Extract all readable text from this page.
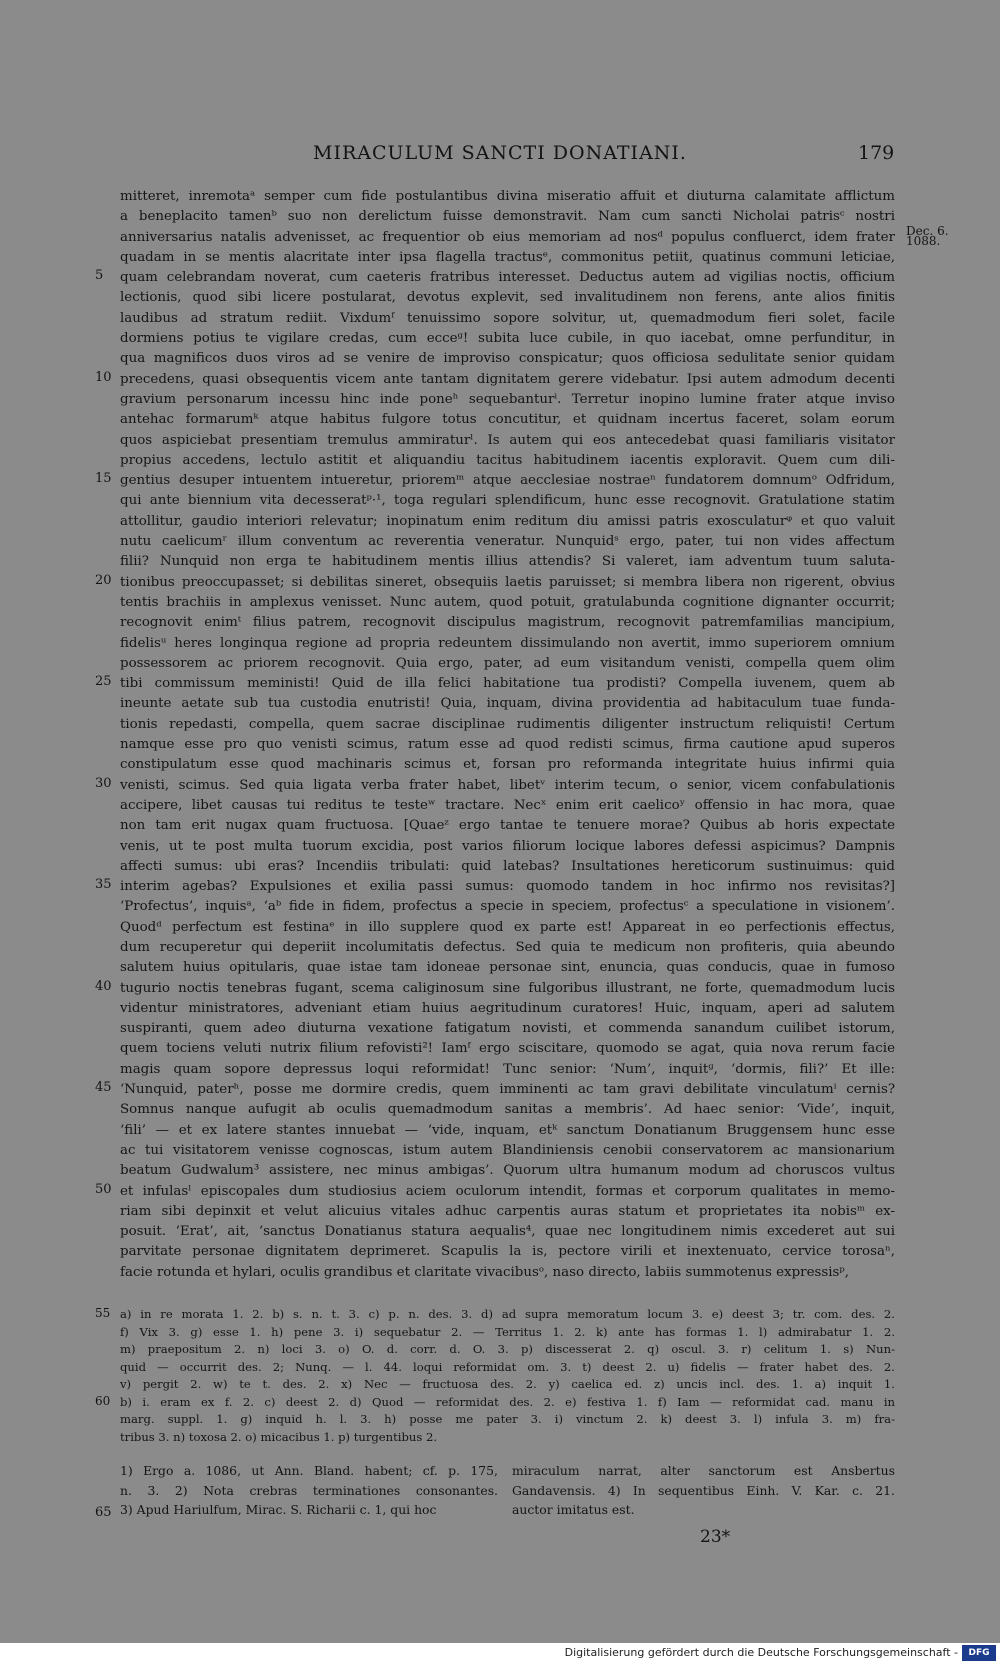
MIRACULUM SANCTI DONATIANI.	179
1088.
Dec. 6.
mitteret, inremotaᵃ semper cum fide postulantibus divina miseratio affuit et diuturna calamitate afflictum
a beneplacito tamenᵇ suo non derelictum fuisse demonstravit. Nam cum sancti Nicholai patrisᶜ nostri
anniversarius natalis advenisset, ac frequentior ob eius memoriam ad nosᵈ populus confluerct, idem frater
quadam in se mentis alacritate inter ipsa flagella tractusᵉ, commonitus petiit, quatinus communi leticiae,
quam celebrandam noverat, cum caeteris fratribus interesset. Deductus autem ad vigilias noctis, officium
lectionis, quod sibi licere postularat, devotus explevit, sed invalitudinem non ferens, ante alios finitis
laudibus ad stratum rediit. Vixdumᶠ tenuissimo sopore solvitur, ut, quemadmodum fieri solet, facile
dormiens potius te vigilare credas, cum ecceᵍ! subita luce cubile, in quo iacebat, omne perfunditur, in
qua magnificos duos viros ad se venire de improviso conspicatur; quos officiosa sedulitate senior quidam
precedens, quasi obsequentis vicem ante tantam dignitatem gerere videbatur. Ipsi autem admodum decenti
gravium personarum incessu hinc inde poneʰ sequebanturⁱ. Terretur inopino lumine frater atque inviso
antehac formarumᵏ atque habitus fulgore totus concutitur, et quidnam incertus faceret, solam eorum
quos aspiciebat presentiam tremulus ammiraturˡ. Is autem qui eos antecedebat quasi familiaris visitator
propius accedens, lectulo astitit et aliquandiu tacitus habitudinem iacentis exploravit. Quem cum dili-
gentius desuper intuentem intueretur, prioremᵐ atque aecclesiae nostraeⁿ fundatorem domnumᵒ Odfridum,
qui ante biennium vita decesseratᵖ·¹, toga regulari splendificum, hunc esse recognovit. Gratulatione statim
attollitur, gaudio interiori relevatur; inopinatum enim reditum diu amissi patris exosculaturᵠ et quo valuit
nutu caelicumʳ illum conventum ac reverentia veneratur. Nunquidˢ ergo, pater, tui non vides affectum
filii? Nunquid non erga te habitudinem mentis illius attendis? Si valeret, iam adventum tuum saluta-
tionibus preoccupasset; si debilitas sineret, obsequiis laetis paruisset; si membra libera non rigerent, obvius
tentis brachiis in amplexus venisset. Nunc autem, quod potuit, gratulabunda cognitione dignanter occurrit;
recognovit enimᵗ filius patrem, recognovit discipulus magistrum, recognovit patremfamilias mancipium,
fidelisᵘ heres longinqua regione ad propria redeuntem dissimulando non avertit, immo superiorem omnium
possessorem ac priorem recognovit. Quia ergo, pater, ad eum visitandum venisti, compella quem olim
tibi commissum meministi! Quid de illa felici habitatione tua prodisti? Compella iuvenem, quem ab
ineunte aetate sub tua custodia enutristi! Quia, inquam, divina providentia ad habitaculum tuae funda-
tionis repedasti, compella, quem sacrae disciplinae rudimentis diligenter instructum reliquisti! Certum
namque esse pro quo venisti scimus, ratum esse ad quod redisti scimus, firma cautione apud superos
constipulatum esse quod machinaris scimus et, forsan pro reformanda integritate huius infirmi quia
venisti, scimus. Sed quia ligata verba frater habet, libetᵛ interim tecum, o senior, vicem confabulationis
accipere, libet causas tui reditus te testeʷ tractare. Necˣ enim erit caelicoʸ offensio in hac mora, quae
non tam erit nugax quam fructuosa. [Quaeᶻ ergo tantae te tenuere morae? Quibus ab horis expectate
venis, ut te post multa tuorum excidia, post varios filiorum locique labores defessi aspicimus? Dampnis
affecti sumus: ubi eras? Incendiis tribulati: quid latebas? Insultationes hereticorum sustinuimus: quid
interim agebas? Expulsiones et exilia passi sumus: quomodo tandem in hoc infirmo nos revisitas?]
‘Profectus’, inquisᵃ, ‘aᵇ fide in fidem, profectus a specie in speciem, profectusᶜ a speculatione in visionem’.
Quodᵈ perfectum est festinaᵉ in illo supplere quod ex parte est! Appareat in eo perfectionis effectus,
dum recuperetur qui deperiit incolumitatis defectus. Sed quia te medicum non profiteris, quia abeundo
salutem huius opitularis, quae istae tam idoneae personae sint, enuncia, quas conducis, quae in fumoso
tugurio noctis tenebras fugant, scema caliginosum sine fulgoribus illustrant, ne forte, quemadmodum lucis
videntur ministratores, adveniant etiam huius aegritudinum curatores! Huic, inquam, aperi ad salutem
suspiranti, quem adeo diuturna vexatione fatigatum novisti, et commenda sanandum cuilibet istorum,
quem tociens veluti nutrix filium refovisti²! Iamᶠ ergo sciscitare, quomodo se agat, quia nova rerum facie
magis quam sopore depressus loqui reformidat! Tunc senior: ‘Num’, inquitᵍ, ‘dormis, fili?’ Et ille:
‘Nunquid, paterʰ, posse me dormire credis, quem imminenti ac tam gravi debilitate vinculatumⁱ cernis?
Somnus nanque aufugit ab oculis quemadmodum sanitas a membris’. Ad haec senior: ‘Vide’, inquit,
‘fili’ — et ex latere stantes innuebat — ‘vide, inquam, etᵏ sanctum Donatianum Bruggensem hunc esse
ac tui visitatorem venisse cognoscas, istum autem Blandiniensis cenobii conservatorem ac mansionarium
beatum Gudwalum³ assistere, nec minus ambigas’. Quorum ultra humanum modum ad choruscos vultus
et infulasˡ episcopales dum studiosius aciem oculorum intendit, formas et corporum qualitates in memo-
riam sibi depinxit et velut alicuius vitales adhuc carpentis auras statum et proprietates ita nobisᵐ ex-
posuit. ‘Erat’, ait, ‘sanctus Donatianus statura aequalis⁴, quae nec longitudinem nimis excederet aut sui
parvitate personae dignitatem deprimeret. Scapulis la is, pectore virili et inextenuato, cervice torosaⁿ,
facie rotunda et hylari, oculis grandibus et claritate vivacibusᵒ, naso directo, labiis summotenus expressisᵖ,
5
10
15
20
25
30
35
40
45
50
a) in re morata 1. 2. b) s. n. t. 3. c) p. n. des. 3. d) ad supra memoratum locum 3. e) deest 3; tr. com. des. 2.
f) Vix 3. g) esse 1. h) pene 3. i) sequebatur 2. — Territus 1. 2. k) ante has formas 1. l) admirabatur 1. 2.
m) praepositum 2. n) loci 3. o) O. d. corr. d. O. 3. p) discesserat 2. q) oscul. 3. r) celitum 1. s) Nun-
quid — occurrit des. 2; Nunq. — l. 44. loqui reformidat om. 3. t) deest 2. u) fidelis — frater habet des. 2.
v) pergit 2. w) te t. des. 2. x) Nec — fructuosa des. 2. y) caelica ed. z) uncis incl. des. 1. a) inquit 1.
b) i. eram ex f. 2. c) deest 2. d) Quod — reformidat des. 2. e) festiva 1. f) Iam — reformidat cad. manu in
marg. suppl. 1. g) inquid h. l. 3. h) posse me pater 3. i) vinctum 2. k) deest 3. l) infula 3. m) fra-
tribus 3. n) toxosa 2. o) micacibus 1. p) turgentibus 2.
55
60
1) Ergo a. 1086, ut Ann. Bland. habent; cf. p. 175,
n. 3. 2) Nota crebras terminationes consonantes.
3) Apud Hariulfum, Mirac. S. Richarii c. 1, qui hoc
miraculum narrat, alter sanctorum est Ansbertus
Gandavensis. 4) In sequentibus Einh. V. Kar. c. 21.
auctor imitatus est.
65
23*
Digitalisierung gefördert durch die Deutsche Forschungsgemeinschaft -	DFG
